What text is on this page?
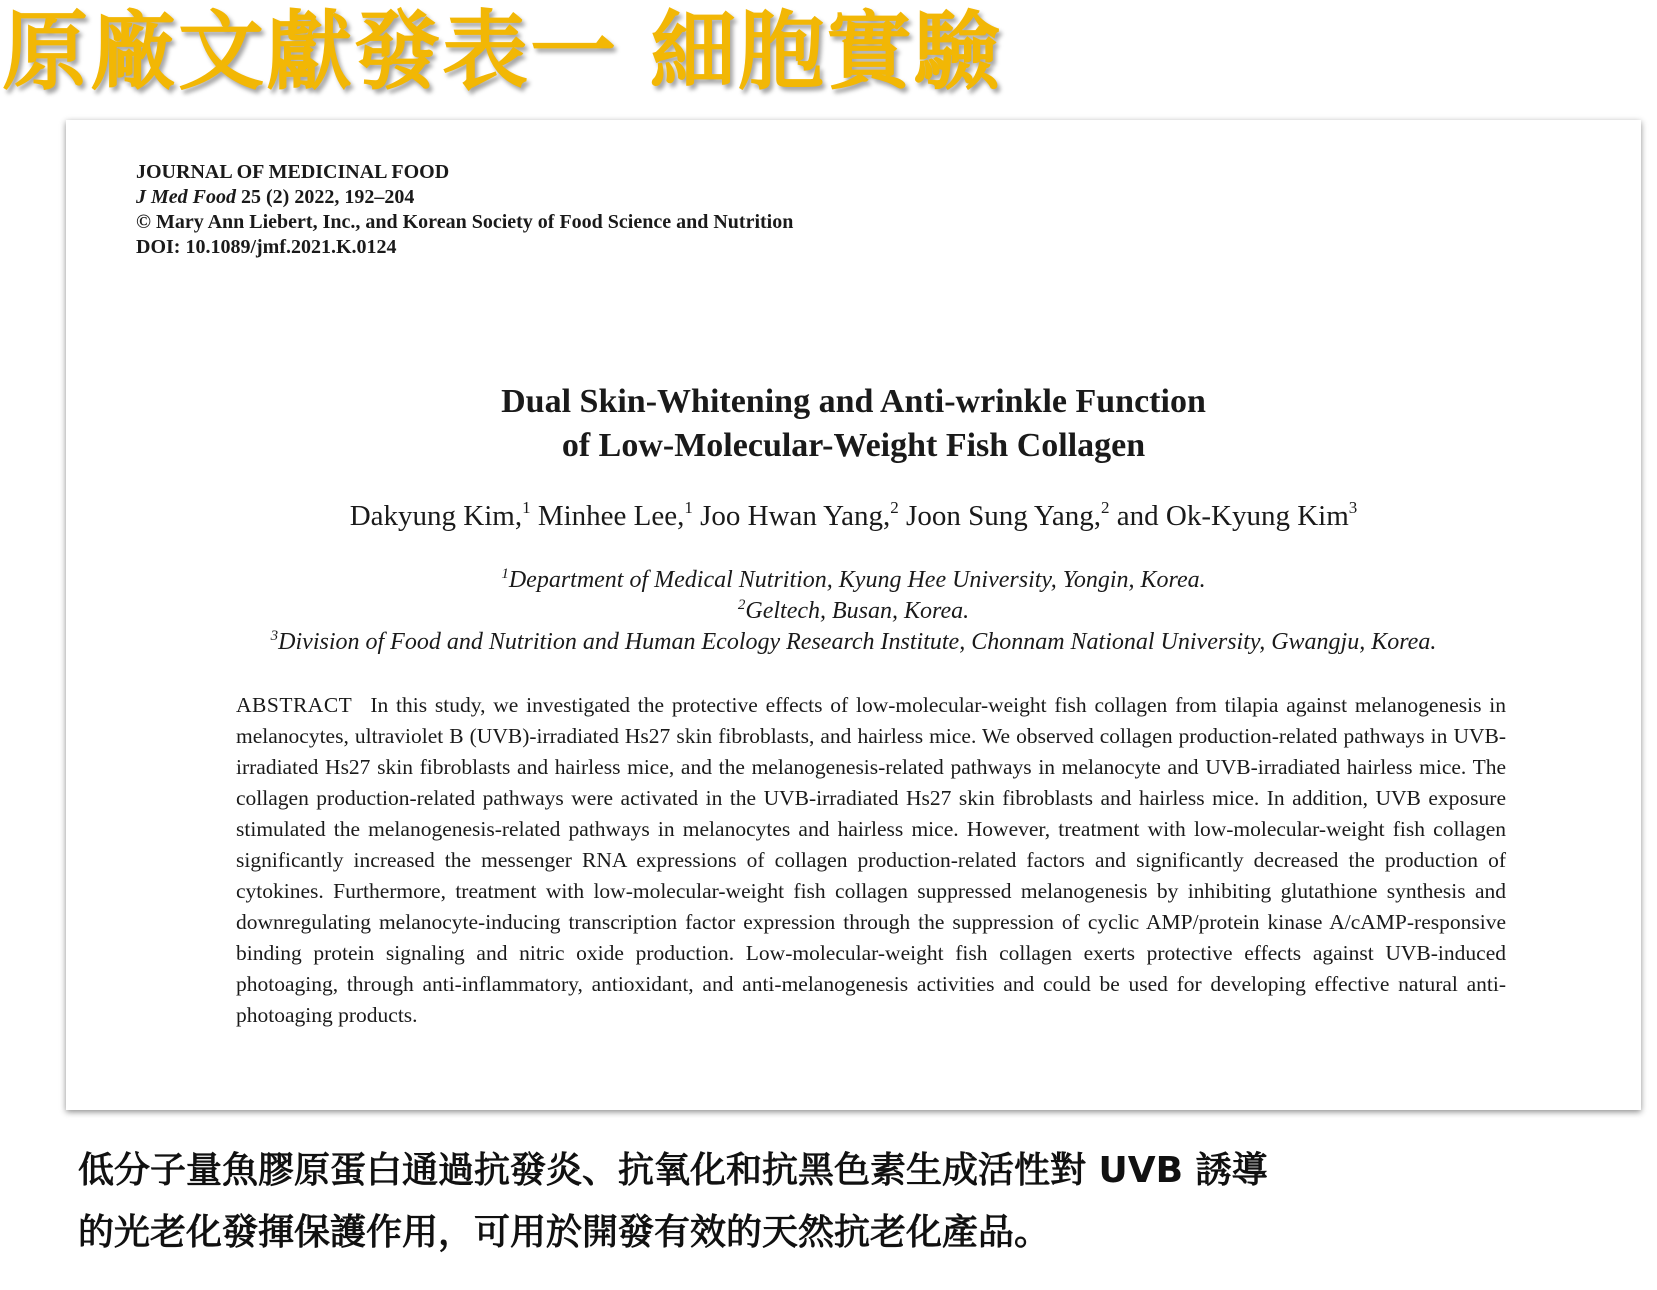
原廠文獻發表一 細胞實驗
JOURNAL OF MEDICINAL FOOD
J Med Food 25 (2) 2022, 192–204
© Mary Ann Liebert, Inc., and Korean Society of Food Science and Nutrition
DOI: 10.1089/jmf.2021.K.0124
Dual Skin-Whitening and Anti-wrinkle Function
of Low-Molecular-Weight Fish Collagen
Dakyung Kim,$^1$ Minhee Lee,$^1$ Joo Hwan Yang,$^2$ Joon Sung Yang,$^2$ and Ok-Kyung Kim$^3$
$^1$Department of Medical Nutrition, Kyung Hee University, Yongin, Korea.
$^2$Geltech, Busan, Korea.
$^3$Division of Food and Nutrition and Human Ecology Research Institute, Chonnam National University, Gwangju, Korea.
ABSTRACT In this study, we investigated the protective effects of low-molecular-weight fish collagen from tilapia against melanogenesis in melanocytes, ultraviolet B (UVB)-irradiated Hs27 skin fibroblasts, and hairless mice. We observed collagen production-related pathways in UVB-irradiated Hs27 skin fibroblasts and hairless mice, and the melanogenesis-related pathways in melanocyte and UVB-irradiated hairless mice. The collagen production-related pathways were activated in the UVB-irradiated Hs27 skin fibroblasts and hairless mice. In addition, UVB exposure stimulated the melanogenesis-related pathways in melanocytes and hairless mice. However, treatment with low-molecular-weight fish collagen significantly increased the messenger RNA expressions of collagen production-related factors and significantly decreased the production of cytokines. Furthermore, treatment with low-molecular-weight fish collagen suppressed melanogenesis by inhibiting glutathione synthesis and downregulating melanocyte-inducing transcription factor expression through the suppression of cyclic AMP/protein kinase A/cAMP-responsive binding protein signaling and nitric oxide production. Low-molecular-weight fish collagen exerts protective effects against UVB-induced photoaging, through anti-inflammatory, antioxidant, and anti-melanogenesis activities and could be used for developing effective natural anti-photoaging products.
低分子量魚膠原蛋白通過抗發炎、抗氧化和抗黑色素生成活性對 UVB 誘導
的光老化發揮保護作用，可用於開發有效的天然抗老化產品。
